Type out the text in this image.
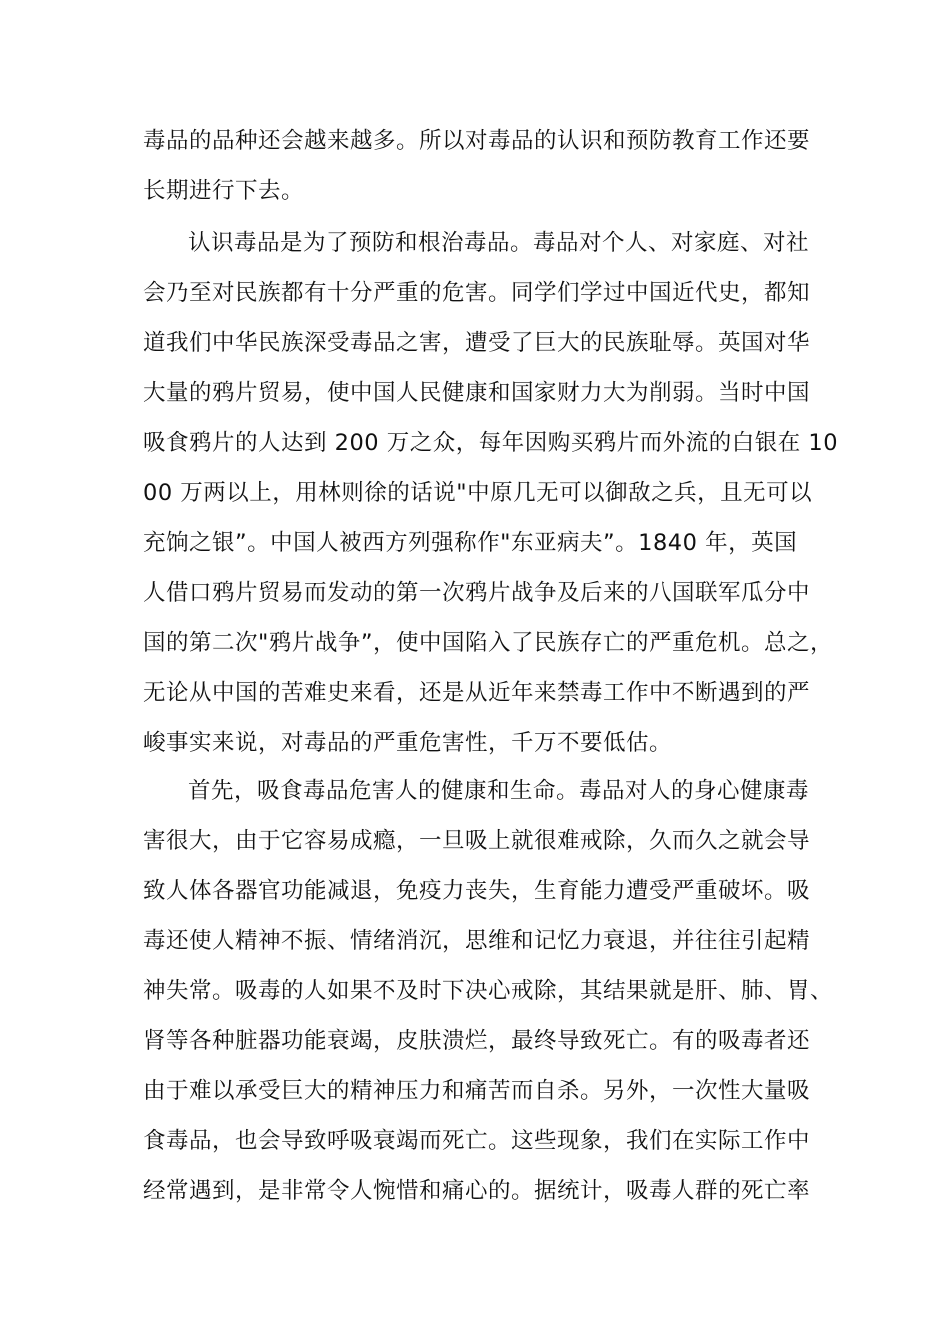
毒品的品种还会越来越多。所以对毒品的认识和预防教育工作还要
长期进行下去。
认识毒品是为了预防和根治毒品。毒品对个人、对家庭、对社
会乃至对民族都有十分严重的危害。同学们学过中国近代史，都知
道我们中华民族深受毒品之害，遭受了巨大的民族耻辱。英国对华
大量的鸦片贸易，使中国人民健康和国家财力大为削弱。当时中国
吸食鸦片的人达到 200 万之众，每年因购买鸦片而外流的白银在 10
00 万两以上，用林则徐的话说"中原几无可以御敌之兵，且无可以
充饷之银”。中国人被西方列强称作"东亚病夫”。1840 年，英国
人借口鸦片贸易而发动的第一次鸦片战争及后来的八国联军瓜分中
国的第二次"鸦片战争”，使中国陷入了民族存亡的严重危机。总之，
无论从中国的苦难史来看，还是从近年来禁毒工作中不断遇到的严
峻事实来说，对毒品的严重危害性，千万不要低估。
首先，吸食毒品危害人的健康和生命。毒品对人的身心健康毒
害很大，由于它容易成瘾，一旦吸上就很难戒除，久而久之就会导
致人体各器官功能减退，免疫力丧失，生育能力遭受严重破坏。吸
毒还使人精神不振、情绪消沉，思维和记忆力衰退，并往往引起精
神失常。吸毒的人如果不及时下决心戒除，其结果就是肝、肺、胃、
肾等各种脏器功能衰竭，皮肤溃烂，最终导致死亡。有的吸毒者还
由于难以承受巨大的精神压力和痛苦而自杀。另外，一次性大量吸
食毒品，也会导致呼吸衰竭而死亡。这些现象，我们在实际工作中
经常遇到，是非常令人惋惜和痛心的。据统计，吸毒人群的死亡率
